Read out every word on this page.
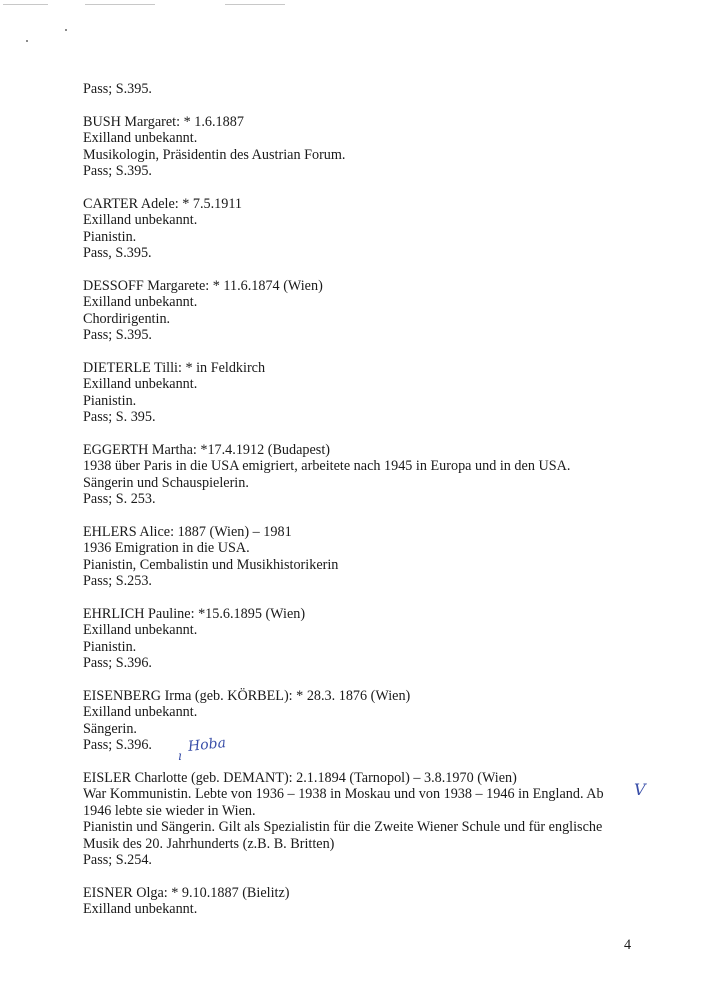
Pass; S.395.
BUSH Margaret: * 1.6.1887
Exilland unbekannt.
Musikologin, Präsidentin des Austrian Forum.
Pass; S.395.
CARTER Adele: * 7.5.1911
Exilland unbekannt.
Pianistin.
Pass, S.395.
DESSOFF Margarete: * 11.6.1874 (Wien)
Exilland unbekannt.
Chordirigentin.
Pass; S.395.
DIETERLE Tilli: * in Feldkirch
Exilland unbekannt.
Pianistin.
Pass; S. 395.
EGGERTH Martha: *17.4.1912 (Budapest)
1938 über Paris in die USA emigriert, arbeitete nach 1945 in Europa und in den USA.
Sängerin und Schauspielerin.
Pass; S. 253.
EHLERS Alice: 1887 (Wien) – 1981
1936 Emigration in die USA.
Pianistin, Cembalistin und Musikhistorikerin
Pass; S.253.
EHRLICH Pauline: *15.6.1895 (Wien)
Exilland unbekannt.
Pianistin.
Pass; S.396.
EISENBERG Irma (geb. KÖRBEL): * 28.3. 1876 (Wien)
Exilland unbekannt.
Sängerin.
Pass; S.396.
EISLER Charlotte (geb. DEMANT): 2.1.1894 (Tarnopol) – 3.8.1970 (Wien)
War Kommunistin. Lebte von 1936 – 1938 in Moskau und von 1938 – 1946 in England. Ab
1946 lebte sie wieder in Wien.
Pianistin und Sängerin. Gilt als Spezialistin für die Zweite Wiener Schule und für englische
Musik des 20. Jahrhunderts (z.B. B. Britten)
Pass; S.254.
EISNER Olga: * 9.10.1887 (Bielitz)
Exilland unbekannt.
Hoba
ı
V
4
